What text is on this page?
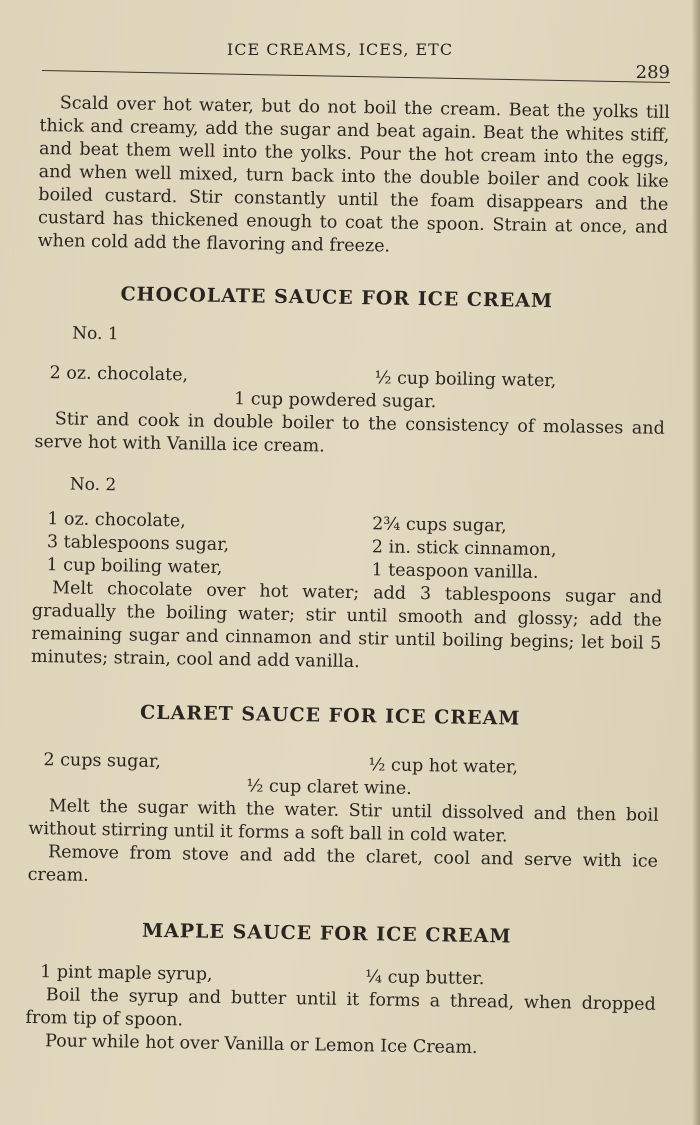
ICE CREAMS, ICES, ETC
289

Scald over hot water, but do not boil the cream. Beat the yolks till thick and creamy, add the sugar and beat again. Beat the whites stiff, and beat them well into the yolks. Pour the hot cream into the eggs, and when well mixed, turn back into the double boiler and cook like boiled custard. Stir constantly until the foam disappears and the custard has thickened enough to coat the spoon. Strain at once, and when cold add the flavoring and freeze.

CHOCOLATE SAUCE FOR ICE CREAM

No. 1

2 oz. chocolate,	½ cup boiling water,
1 cup powdered sugar.

Stir and cook in double boiler to the consistency of molasses and serve hot with Vanilla ice cream.

No. 2

1 oz. chocolate,	2¾ cups sugar,
3 tablespoons sugar,	2 in. stick cinnamon,
1 cup boiling water,	1 teaspoon vanilla.

Melt chocolate over hot water; add 3 tablespoons sugar and gradually the boiling water; stir until smooth and glossy; add the remaining sugar and cinnamon and stir until boiling begins; let boil 5 minutes; strain, cool and add vanilla.

CLARET SAUCE FOR ICE CREAM
2 cups sugar,	½ cup hot water,
½ cup claret wine.

Melt the sugar with the water. Stir until dissolved and then boil without stirring until it forms a soft ball in cold water.

Remove from stove and add the claret, cool and serve with ice cream.

MAPLE SAUCE FOR ICE CREAM
1 pint maple syrup,	¼ cup butter.

Boil the syrup and butter until it forms a thread, when dropped from tip of spoon.

Pour while hot over Vanilla or Lemon Ice Cream.
